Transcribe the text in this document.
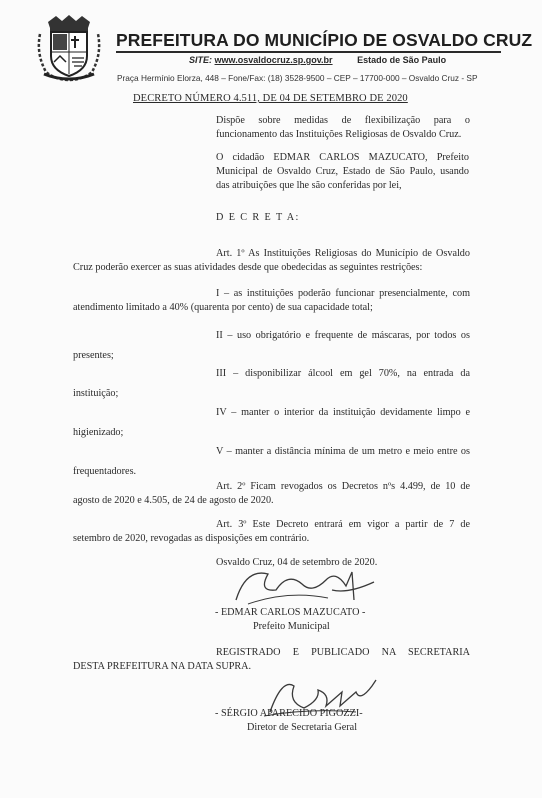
PREFEITURA DO MUNICÍPIO DE OSVALDO CRUZ
SITE: www.osvaldocruz.sp.gov.br	Estado de São Paulo
Praça Hermínio Elorza, 448 – Fone/Fax: (18) 3528-9500 – CEP – 17700-000 – Osvaldo Cruz - SP
DECRETO NÚMERO 4.511, DE 04 DE SETEMBRO DE 2020
Dispõe sobre medidas de flexibilização para o
funcionamento das Instituições Religiosas de Osvaldo Cruz.
O cidadão EDMAR CARLOS MAZUCATO, Prefeito
Municipal de Osvaldo Cruz, Estado de São Paulo, usando
das atribuições que lhe são conferidas por lei,
D E C R E T A:
Art. 1º As Instituições Religiosas do Município de Osvaldo
Cruz poderão exercer as suas atividades desde que obedecidas as seguintes restrições:
I – as instituições poderão funcionar presencialmente, com
atendimento limitado a 40% (quarenta por cento) de sua capacidade total;
II – uso obrigatório e frequente de máscaras, por todos os
presentes;
III – disponibilizar álcool em gel 70%, na entrada da
instituição;
IV – manter o interior da instituição devidamente limpo e
higienizado;
V – manter a distância mínima de um metro e meio entre os
frequentadores.
Art. 2º Ficam revogados os Decretos nºs 4.499, de 10 de
agosto de 2020 e 4.505, de 24 de agosto de 2020.
Art. 3º Este Decreto entrará em vigor a partir de 7 de
setembro de 2020, revogadas as disposições em contrário.
Osvaldo Cruz, 04 de setembro de 2020.
- EDMAR CARLOS MAZUCATO -
Prefeito Municipal
REGISTRADO E PUBLICADO NA SECRETARIA
DESTA PREFEITURA NA DATA SUPRA.
- SÉRGIO APARECIDO PIGOZZI-
Diretor de Secretaria Geral
